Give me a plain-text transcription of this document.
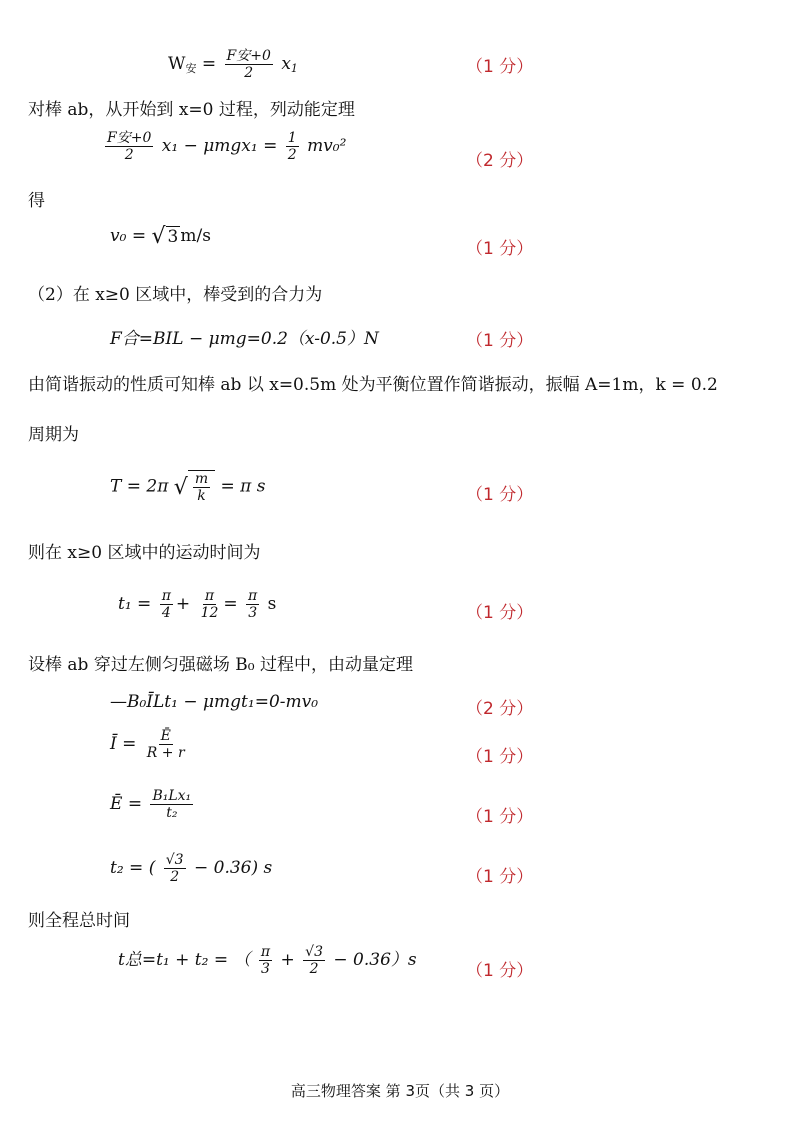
$W_安 = \frac{\text{F安+0}}{2} x_1$	（1 分）
对棒 ab，从开始到 x=0 过程，列动能定理
$\frac{\text{F安+0}}{2} x_1 - \mu mgx_1 = \frac{1}{2} mv_0^2$
（2 分）
得
v₀ = √ 3 m/s
（1 分）
（2）在 x≥0 区域中，棒受到的合力为
F合=BIL − μmg=0.2（x-0.5）N	（1 分）
由简谐振动的性质可知棒 ab 以 x=0.5m 处为平衡位置作简谐振动，振幅 A=1m，k = 0.2
周期为
T = 2π √ $\frac{m}{k} = \pi$ s	（1 分）
则在 x≥0 区域中的运动时间为
$t_1 = \frac{\pi}{4} + \frac{\pi}{12} = \frac{\pi}{3}$ s	（1 分）
设棒 ab 穿过左侧匀强磁场 B₀ 过程中，由动量定理
—B₀ĪLt₁ − μmgt₁=0-mv₀	（2 分）
Ī = $\frac{Ē}{R + r}$	（1 分）
Ē = $\frac{\text{B₁Lx₁}}{\text{t₂}}$	（1 分）
t₂ = ( $\frac{√3}{2} - 0.36$) s	（1 分）
则全程总时间
t总=t₁ + t₂ = （ $\frac{\pi}{3} + \frac{√3}{2} - 0.36)s$
（1 分）
高三物理答案 第 3页（共 3 页）
